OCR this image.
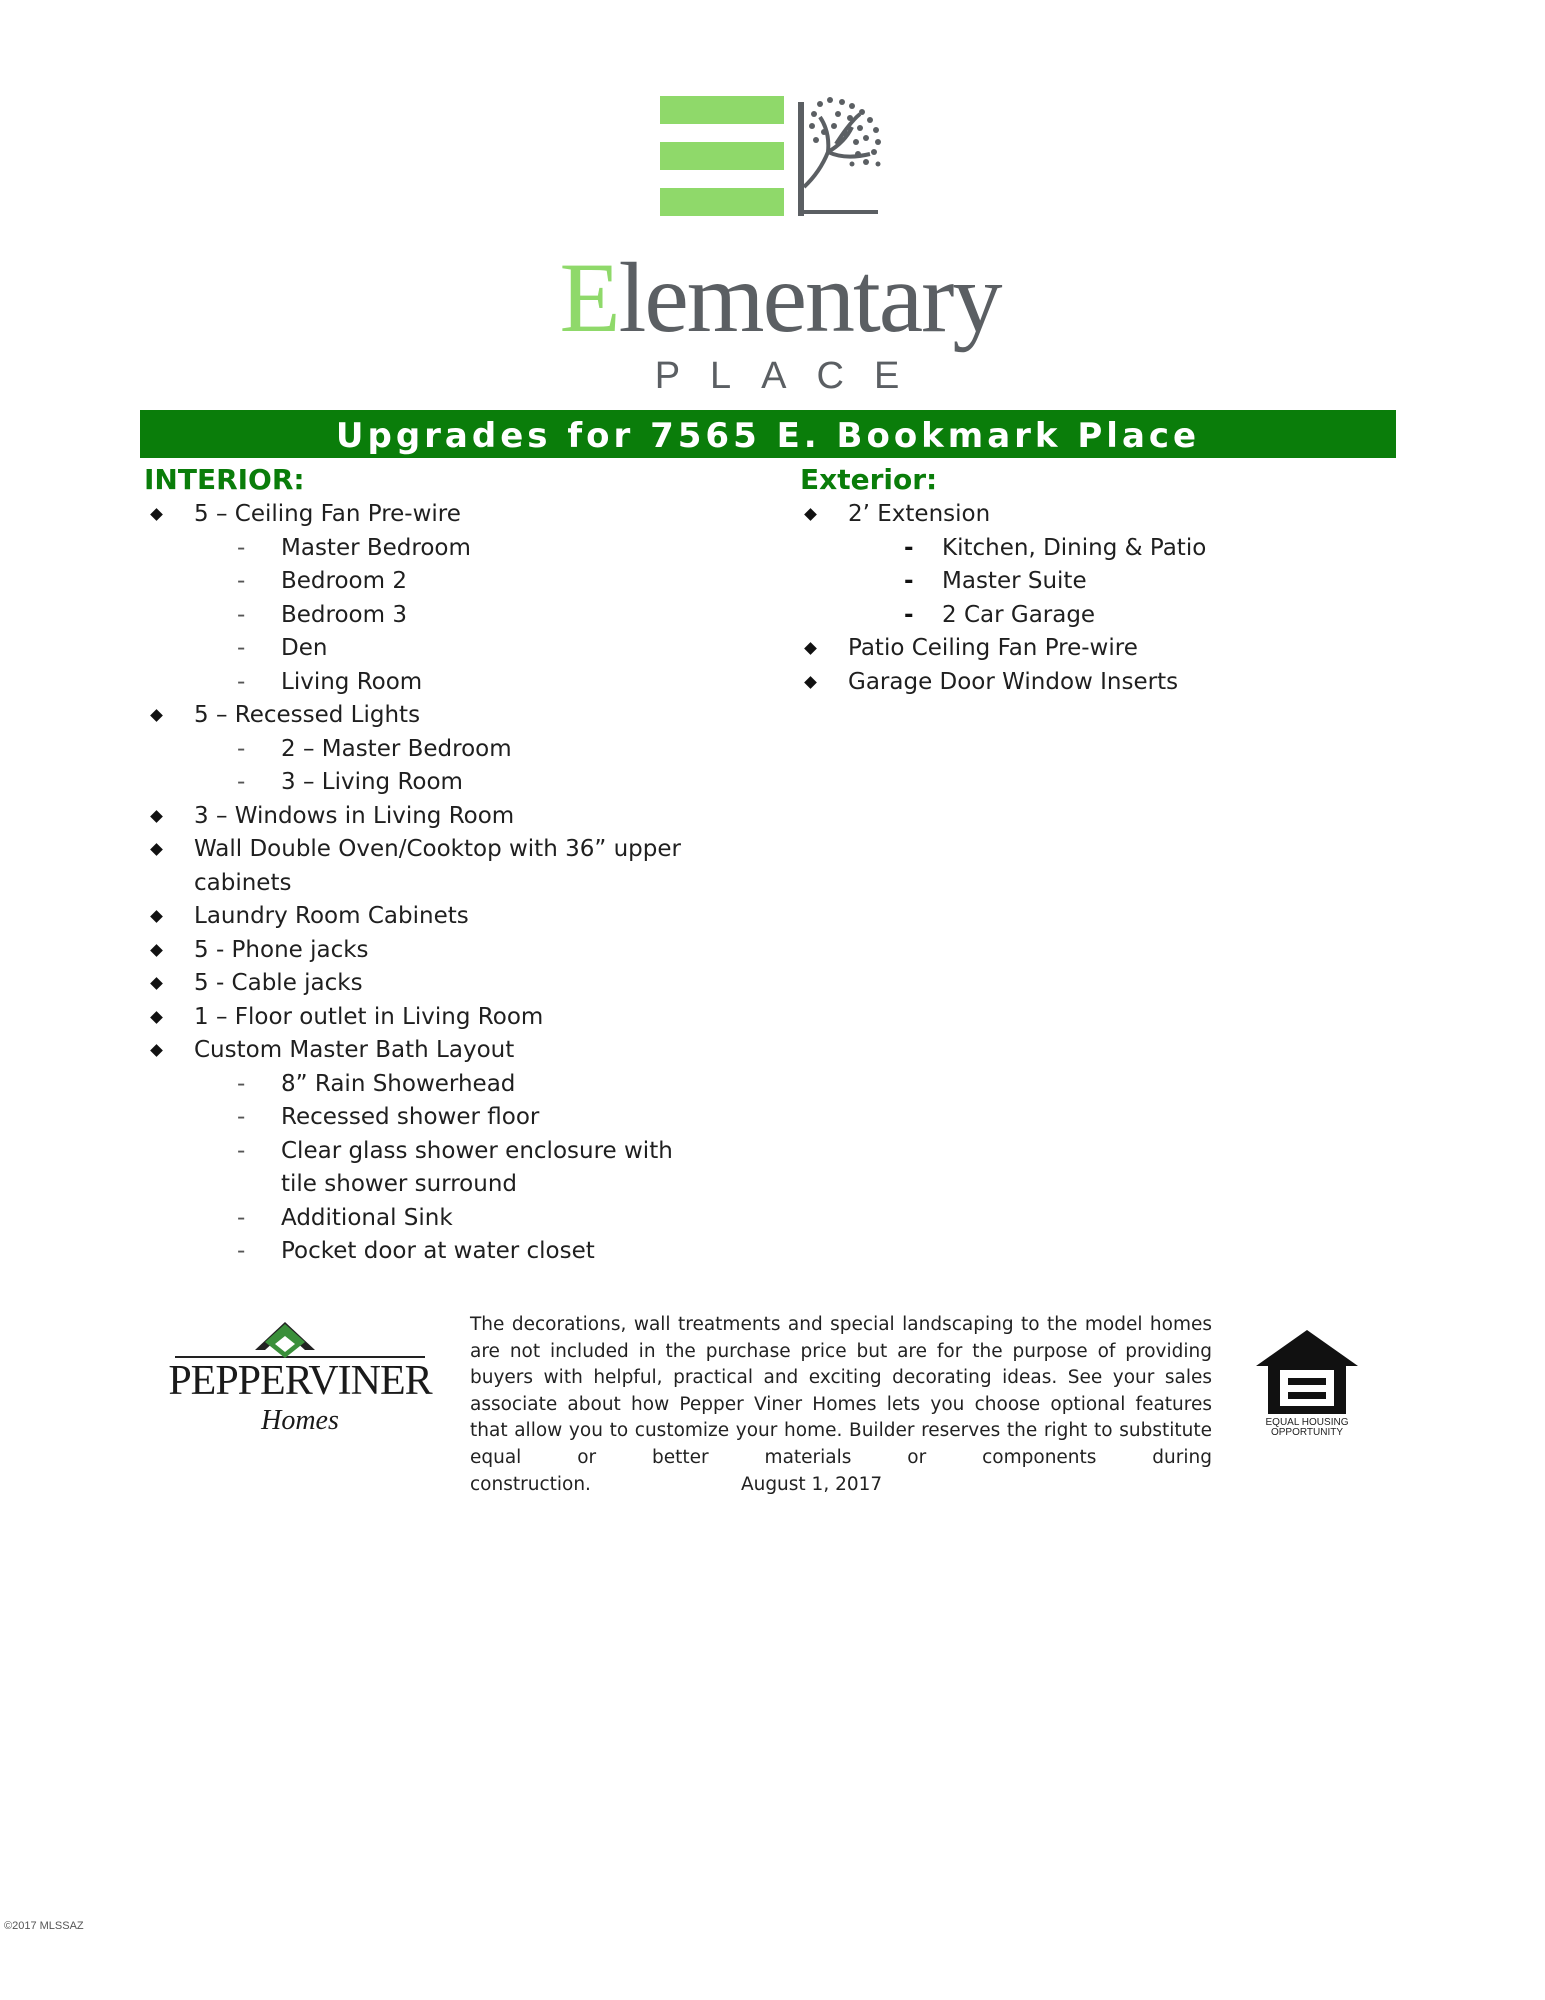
Elementary
PLACE
Upgrades for 7565 E. Bookmark Place
INTERIOR:	Exterior:
5 – Ceiling Fan Pre-wire
- Master Bedroom
- Bedroom 2
- Bedroom 3
- Den
- Living Room
5 – Recessed Lights
- 2 – Master Bedroom
- 3 – Living Room
3 – Windows in Living Room
Wall Double Oven/Cooktop with 36” upper cabinets
Laundry Room Cabinets
5 - Phone jacks
5 - Cable jacks
1 – Floor outlet in Living Room
Custom Master Bath Layout
- 8” Rain Showerhead
- Recessed shower floor
- Clear glass shower enclosure with tile shower surround
- Additional Sink
- Pocket door at water closet
2’ Extension
- Kitchen, Dining & Patio
- Master Suite
- 2 Car Garage
Patio Ceiling Fan Pre-wire
Garage Door Window Inserts
PEPPERVINER
Homes
The decorations, wall treatments and special landscaping to the model homes are not included in the purchase price but are for the purpose of providing buyers with helpful, practical and exciting decorating ideas. See your sales associate about how Pepper Viner Homes lets you choose optional features that allow you to customize your home. Builder reserves the right to substitute equal or better materials or components during construction.	August 1, 2017
EQUAL HOUSING
OPPORTUNITY
©2017 MLSSAZ
